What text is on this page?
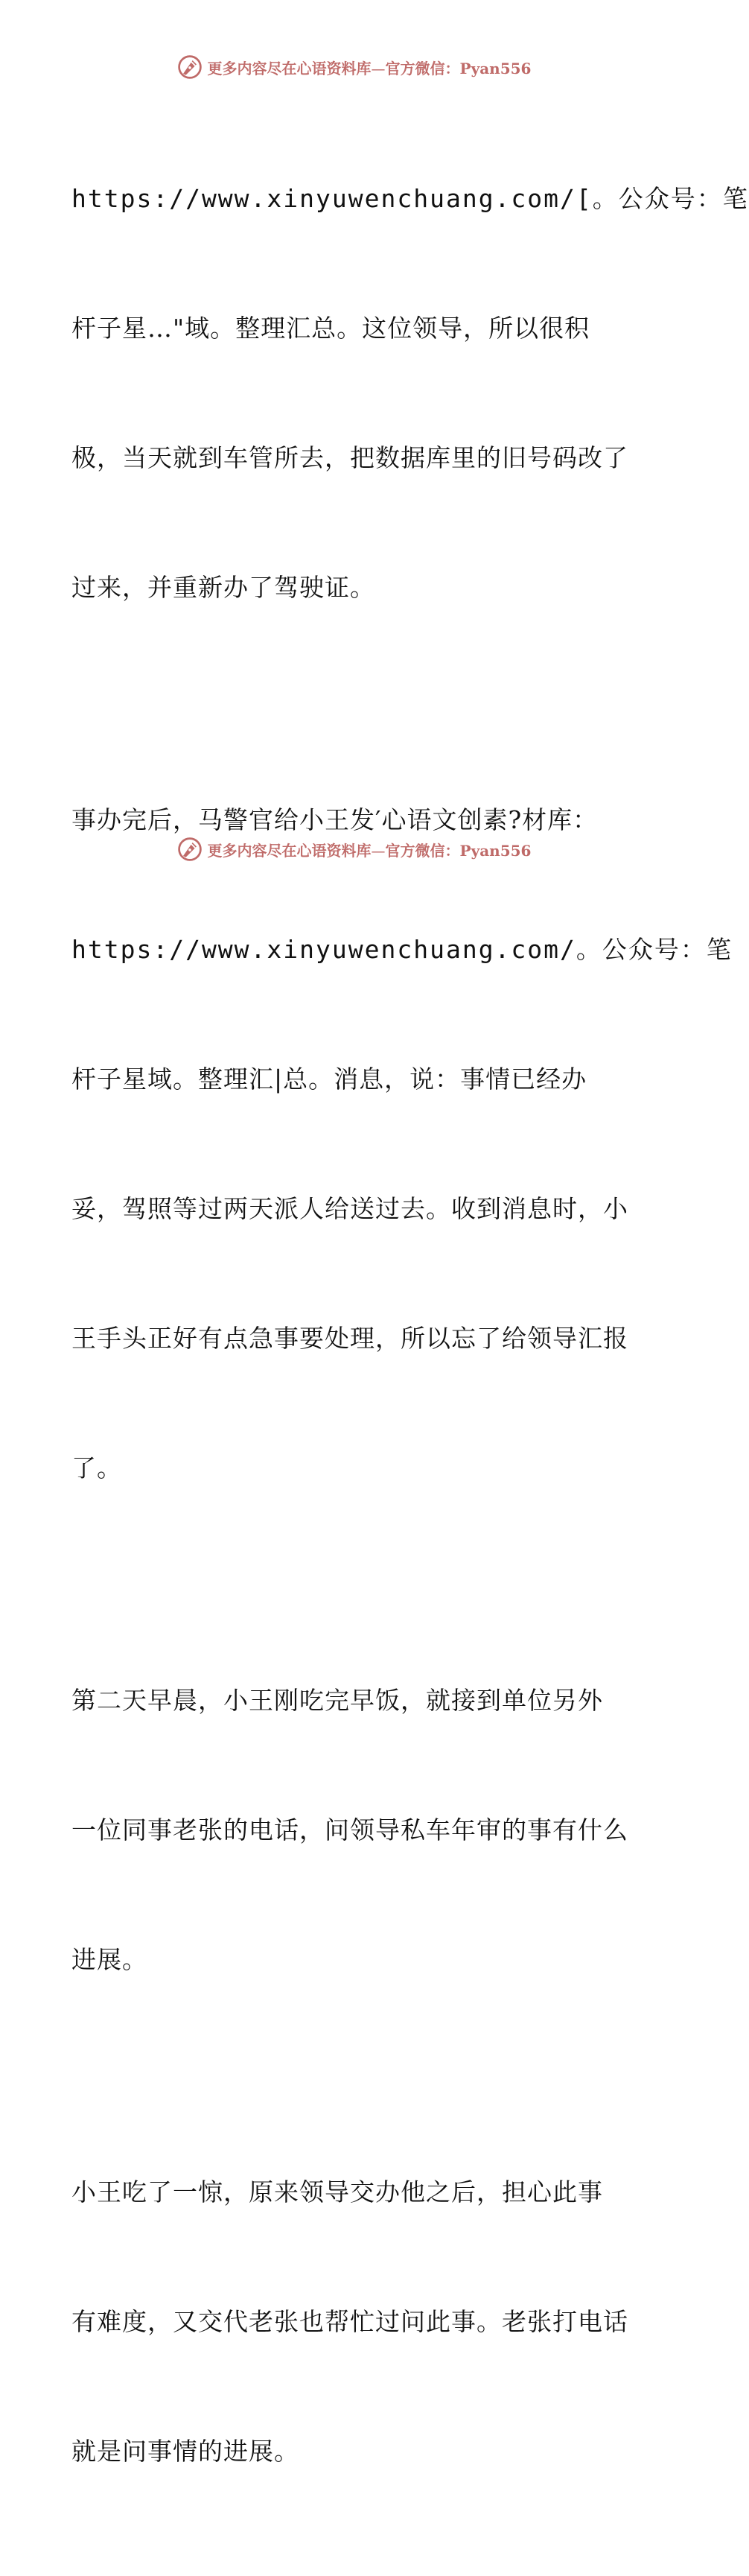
更多内容尽在心语资料库—官方微信：Pyan556

https://www.xinyuwenchuang.com/[。公众号：笔

杆子星…"域。整理汇总。这位领导，所以很积

极，当天就到车管所去，把数据库里的旧号码改了

过来，并重新办了驾驶证。

事办完后，马警官给小王发′心语文创素?材库：

https://www.xinyuwenchuang.com/。公众号：笔

杆子星域。整理汇|总。消息，说：事情已经办

妥，驾照等过两天派人给送过去。收到消息时，小

王手头正好有点急事要处理，所以忘了给领导汇报

了。

第二天早晨，小王刚吃完早饭，就接到单位另外

一位同事老张的电话，问领导私车年审的事有什么

进展。

小王吃了一惊，原来领导交办他之后，担心此事

有难度，又交代老张也帮忙过问此事。老张打电话

就是问事情的进展。

更多内容尽在心语资料库—官方微信：Pyan556
